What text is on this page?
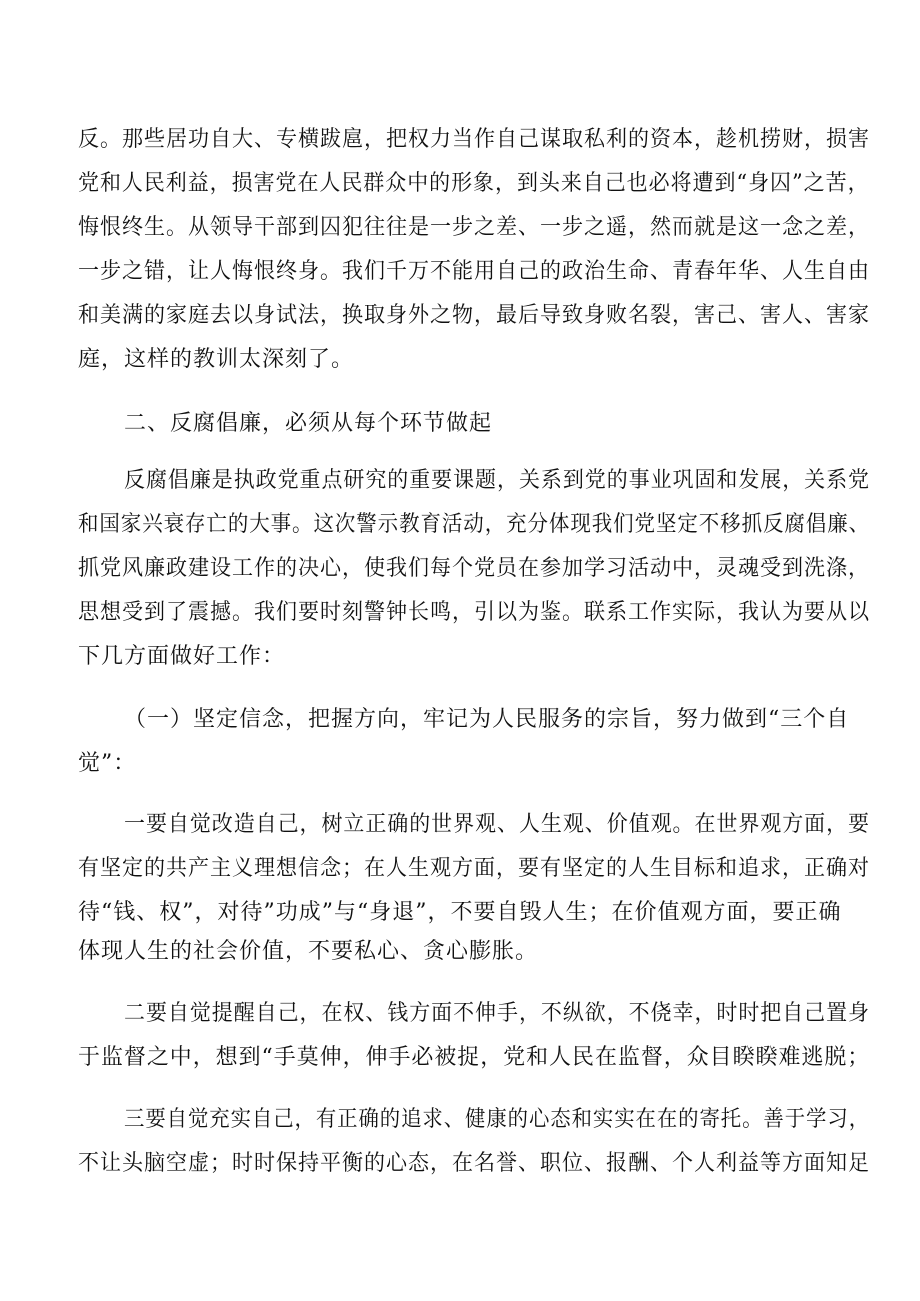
反。那些居功自大、专横跋扈，把权力当作自己谋取私利的资本，趁机捞财，损害
党和人民利益，损害党在人民群众中的形象，到头来自己也必将遭到“身囚”之苦，
悔恨终生。从领导干部到囚犯往往是一步之差、一步之遥，然而就是这一念之差，
一步之错，让人悔恨终身。我们千万不能用自己的政治生命、青春年华、人生自由
和美满的家庭去以身试法，换取身外之物，最后导致身败名裂，害己、害人、害家
庭，这样的教训太深刻了。
二、反腐倡廉，必须从每个环节做起
反腐倡廉是执政党重点研究的重要课题，关系到党的事业巩固和发展，关系党
和国家兴衰存亡的大事。这次警示教育活动，充分体现我们党坚定不移抓反腐倡廉、
抓党风廉政建设工作的决心，使我们每个党员在参加学习活动中，灵魂受到洗涤，
思想受到了震撼。我们要时刻警钟长鸣，引以为鉴。联系工作实际，我认为要从以
下几方面做好工作：
（一）坚定信念，把握方向，牢记为人民服务的宗旨，努力做到“三个自
觉”：
一要自觉改造自己，树立正确的世界观、人生观、价值观。在世界观方面，要
有坚定的共产主义理想信念；在人生观方面，要有坚定的人生目标和追求，正确对
待“钱、权”，对待”功成”与“身退”，不要自毁人生；在价值观方面，要正确
体现人生的社会价值，不要私心、贪心膨胀。
二要自觉提醒自己，在权、钱方面不伸手，不纵欲，不侥幸，时时把自己置身
于监督之中，想到“手莫伸，伸手必被捉，党和人民在监督，众目睽睽难逃脱；
三要自觉充实自己，有正确的追求、健康的心态和实实在在的寄托。善于学习，
不让头脑空虚；时时保持平衡的心态，在名誉、职位、报酬、个人利益等方面知足
